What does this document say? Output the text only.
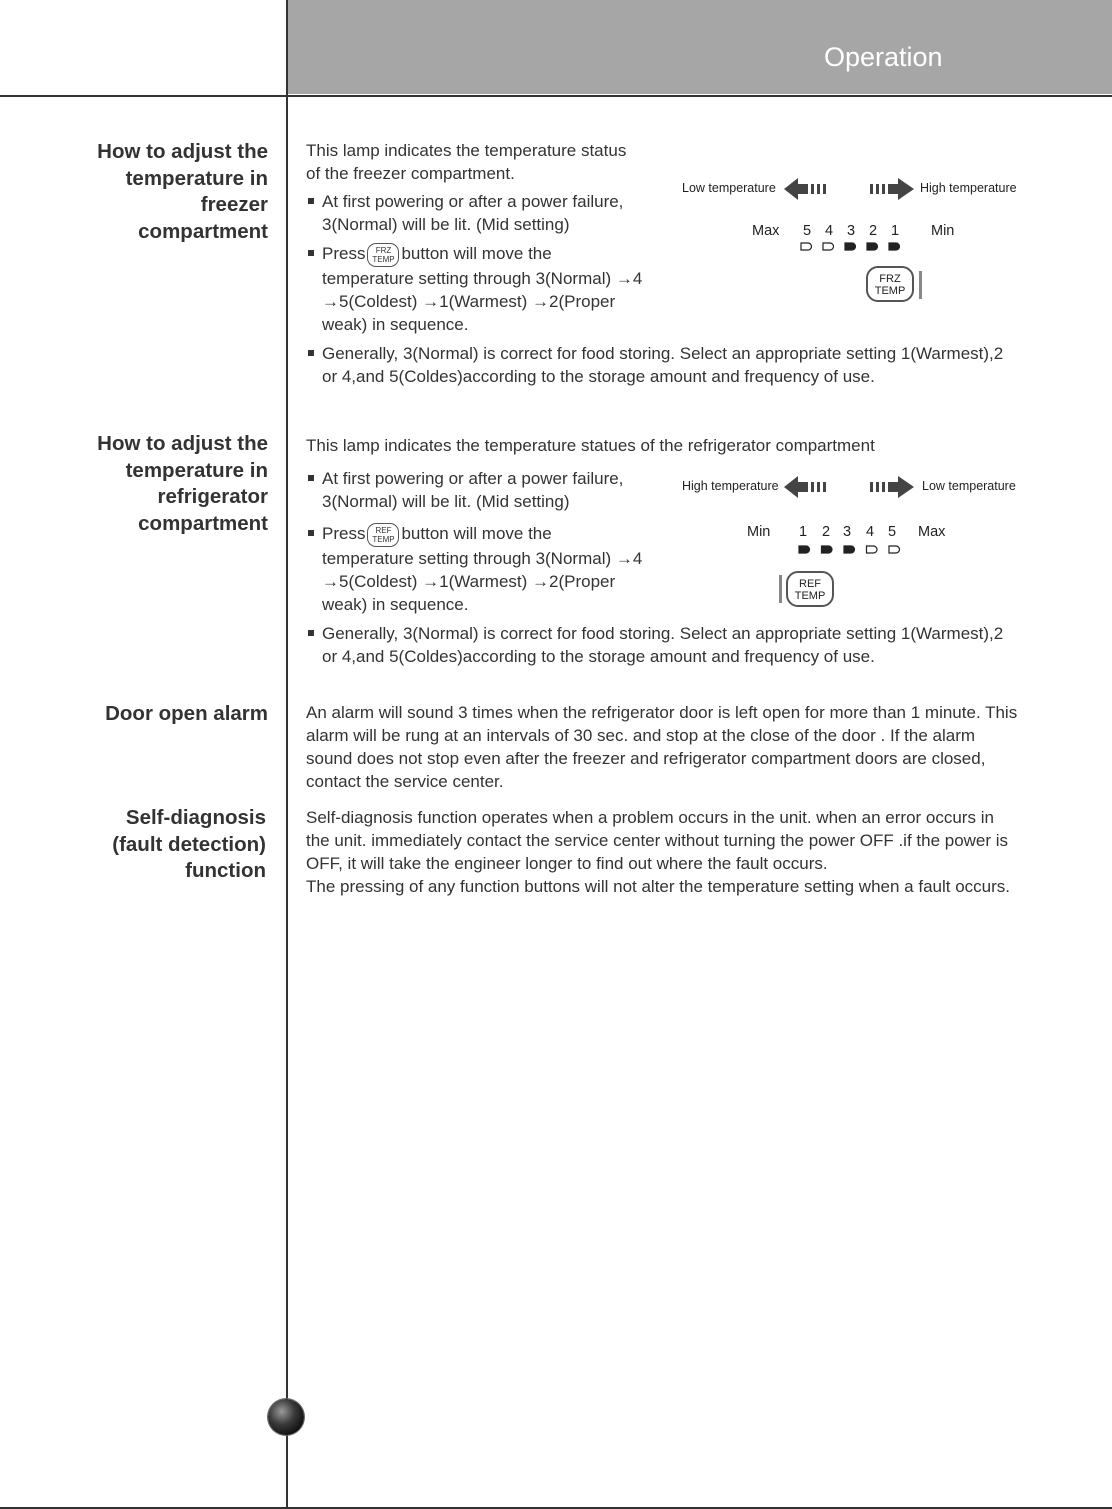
Operation
How to adjust the
temperature in
freezer
compartment
This lamp indicates the temperature status
of the freezer compartment.
At first powering or after a power failure,
3(Normal) will be lit. (Mid setting)
Press FRZ
TEMP button will move the
temperature setting through 3(Normal) →4
→5(Coldest) →1(Warmest) →2(Proper
weak) in sequence.
Generally, 3(Normal) is correct for food storing. Select an appropriate setting 1(Warmest),2 or 4,and 5(Coldes)according to the storage amount and frequency of use.
Low temperature	High temperature
Max	Min
5 4 3 2 1
FRZ
TEMP
How to adjust the
temperature in
refrigerator
compartment
This lamp indicates the temperature statues of the refrigerator compartment
At first powering or after a power failure,
3(Normal) will be lit. (Mid setting)
Press REF
TEMP button will move the
temperature setting through 3(Normal) →4
→5(Coldest) →1(Warmest) →2(Proper
weak) in sequence.
Generally, 3(Normal) is correct for food storing. Select an appropriate setting 1(Warmest),2 or 4,and 5(Coldes)according to the storage amount and frequency of use.
High temperature	Low temperature
Min	Max
1 2 3 4 5
REF
TEMP
Door open alarm An alarm will sound 3 times when the refrigerator door is left open for more than 1 minute. This alarm will be rung at an intervals of 30 sec. and stop at the close of the door . If the alarm sound does not stop even after the freezer and refrigerator compartment doors are closed, contact the service center.
Self-diagnosis
(fault detection)
function
Self-diagnosis function operates when a problem occurs in the unit. when an error occurs in the unit. immediately contact the service center without turning the power OFF .if the power is OFF, it will take the engineer longer to find out where the fault occurs.
The pressing of any function buttons will not alter the temperature setting when a fault occurs.
